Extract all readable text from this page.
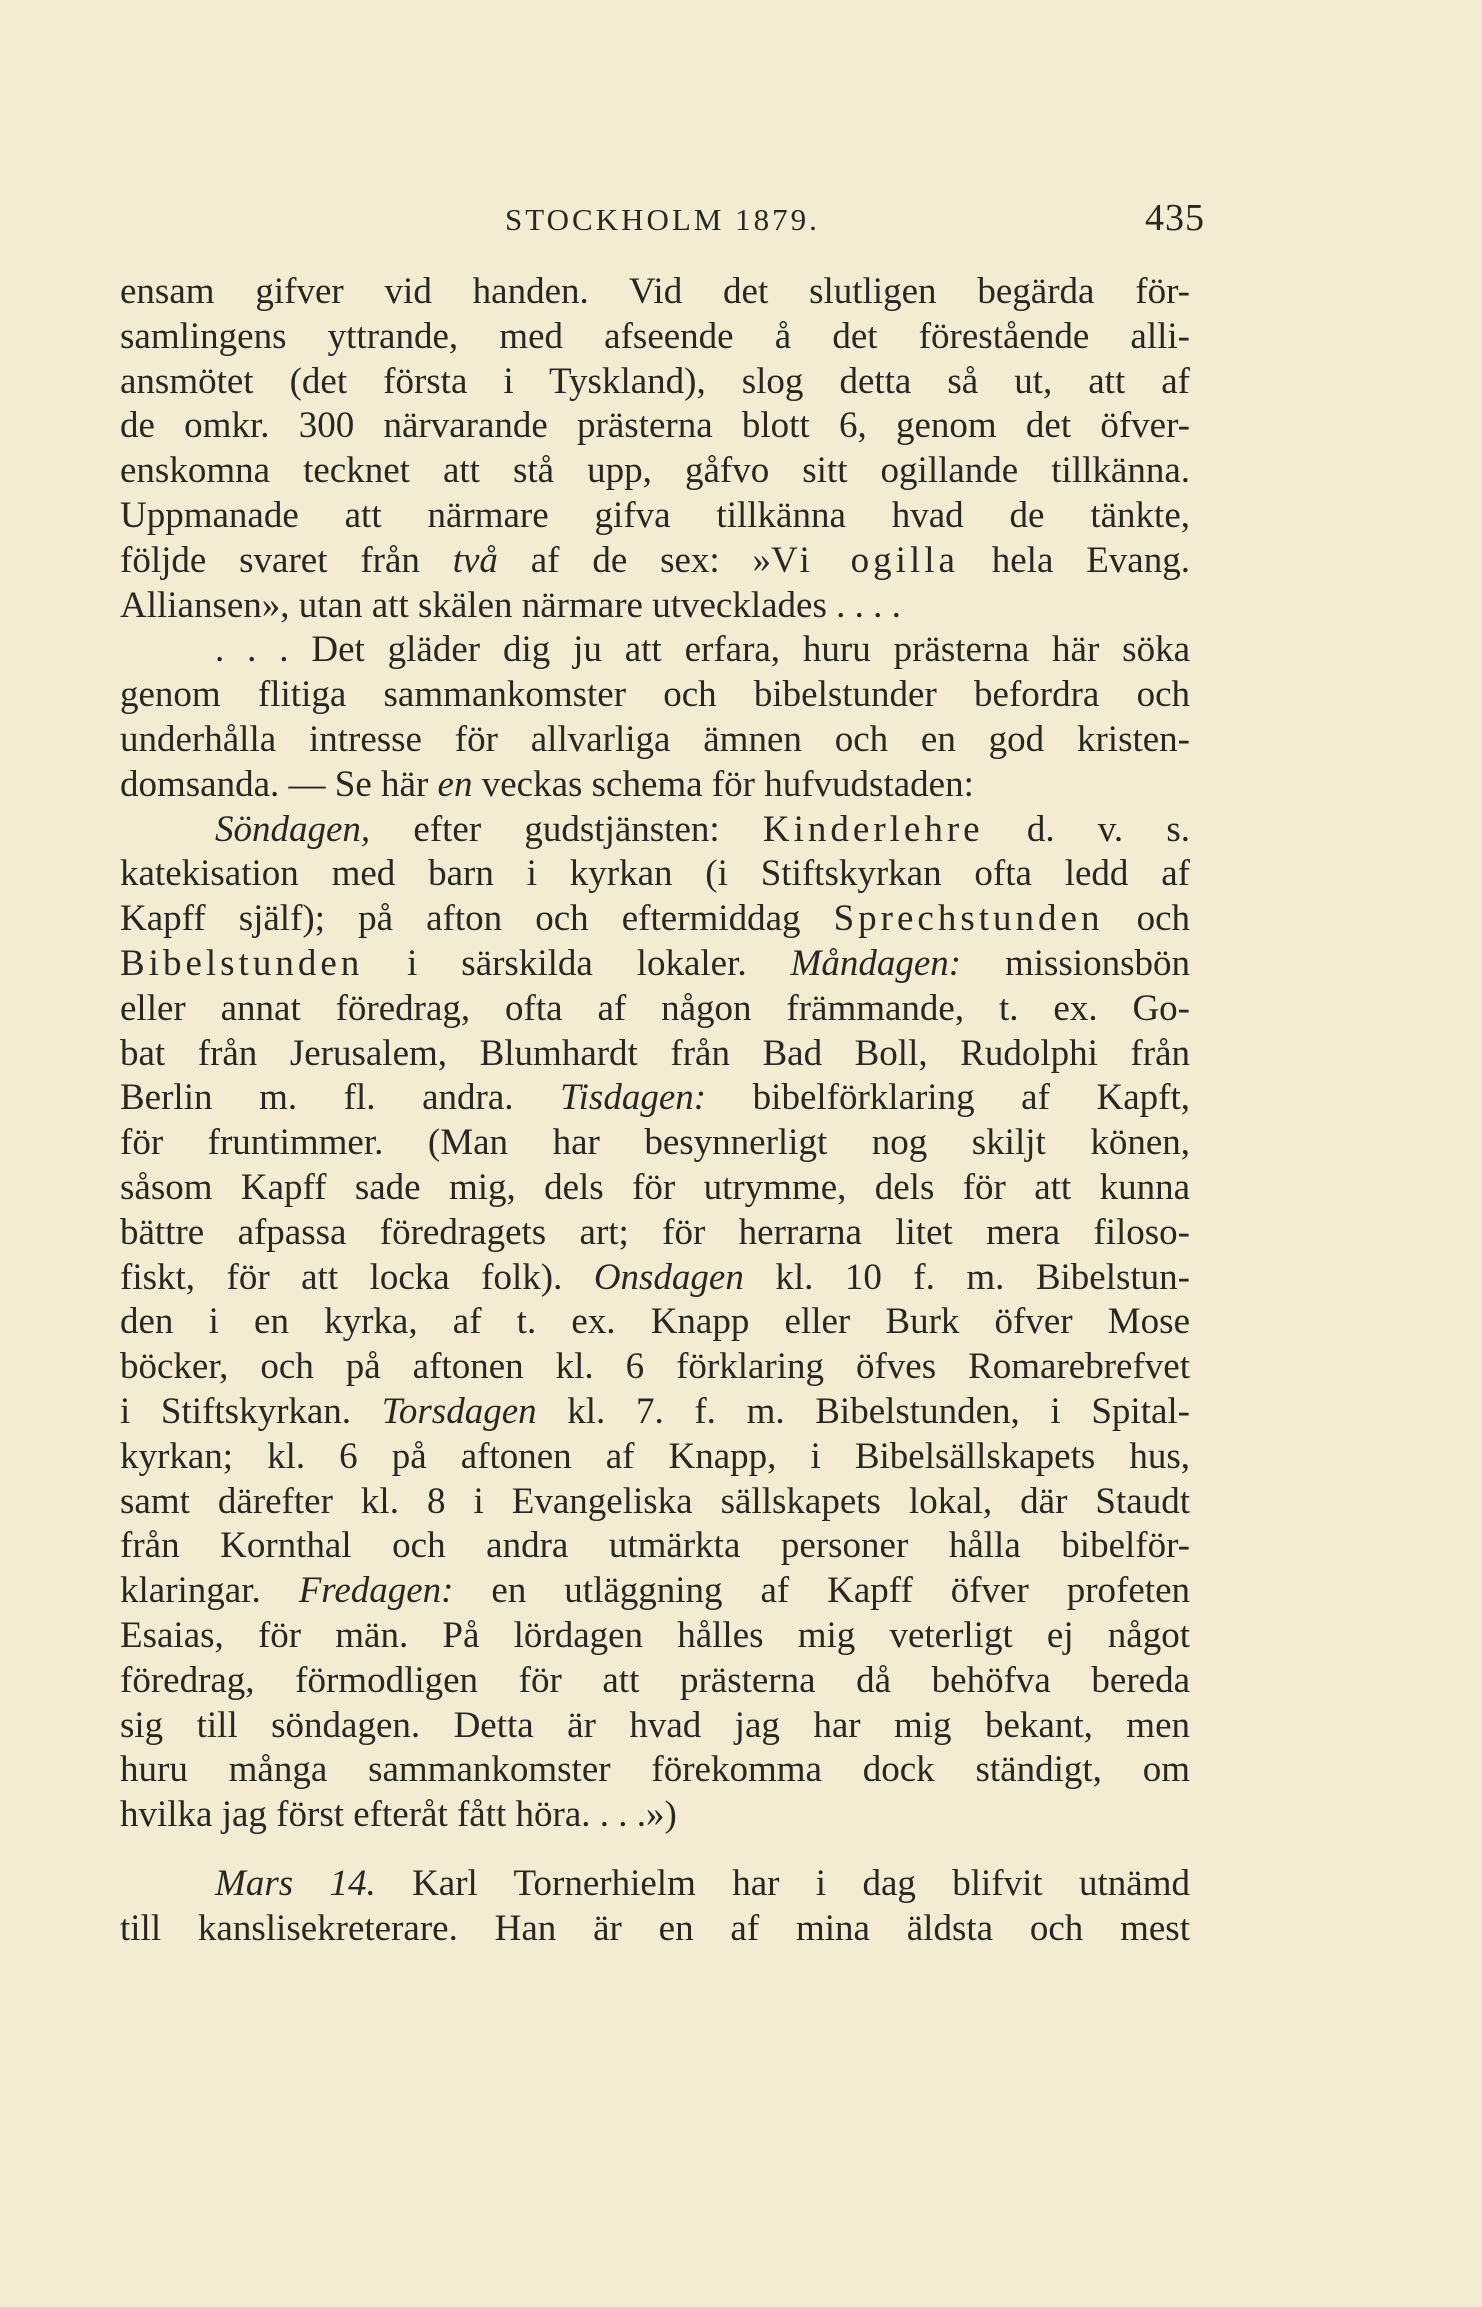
STOCKHOLM 1879.	435
ensam gifver vid handen. Vid det slutligen begärda för-
samlingens yttrande, med afseende å det förestående alli-
ansmötet (det första i Tyskland), slog detta så ut, att af
de omkr. 300 närvarande prästerna blott 6, genom det öfver-
enskomna tecknet att stå upp, gåfvo sitt ogillande tillkänna.
Uppmanade att närmare gifva tillkänna hvad de tänkte,
följde svaret från två af de sex: »Vi ogilla hela Evang.
Alliansen», utan att skälen närmare utvecklades . . . .
. . . Det gläder dig ju att erfara, huru prästerna här söka
genom flitiga sammankomster och bibelstunder befordra och
underhålla intresse för allvarliga ämnen och en god kristen-
domsanda. — Se här en veckas schema för hufvudstaden:
Söndagen, efter gudstjänsten: Kinderlehre d. v. s.
katekisation med barn i kyrkan (i Stiftskyrkan ofta ledd af
Kapff själf); på afton och eftermiddag Sprechstunden och
Bibelstunden i särskilda lokaler. Måndagen: missionsbön
eller annat föredrag, ofta af någon främmande, t. ex. Go-
bat från Jerusalem, Blumhardt från Bad Boll, Rudolphi från
Berlin m. fl. andra. Tisdagen: bibelförklaring af Kapft,
för fruntimmer. (Man har besynnerligt nog skiljt könen,
såsom Kapff sade mig, dels för utrymme, dels för att kunna
bättre afpassa föredragets art; för herrarna litet mera filoso-
fiskt, för att locka folk). Onsdagen kl. 10 f. m. Bibelstun-
den i en kyrka, af t. ex. Knapp eller Burk öfver Mose
böcker, och på aftonen kl. 6 förklaring öfves Romarebrefvet
i Stiftskyrkan. Torsdagen kl. 7. f. m. Bibelstunden, i Spital-
kyrkan; kl. 6 på aftonen af Knapp, i Bibelsällskapets hus,
samt därefter kl. 8 i Evangeliska sällskapets lokal, där Staudt
från Kornthal och andra utmärkta personer hålla bibelför-
klaringar. Fredagen: en utläggning af Kapff öfver profeten
Esaias, för män. På lördagen hålles mig veterligt ej något
föredrag, förmodligen för att prästerna då behöfva bereda
sig till söndagen. Detta är hvad jag har mig bekant, men
huru många sammankomster förekomma dock ständigt, om
hvilka jag först efteråt fått höra. . . .»)
Mars 14. Karl Tornerhielm har i dag blifvit utnämd
till kanslisekreterare. Han är en af mina äldsta och mest
